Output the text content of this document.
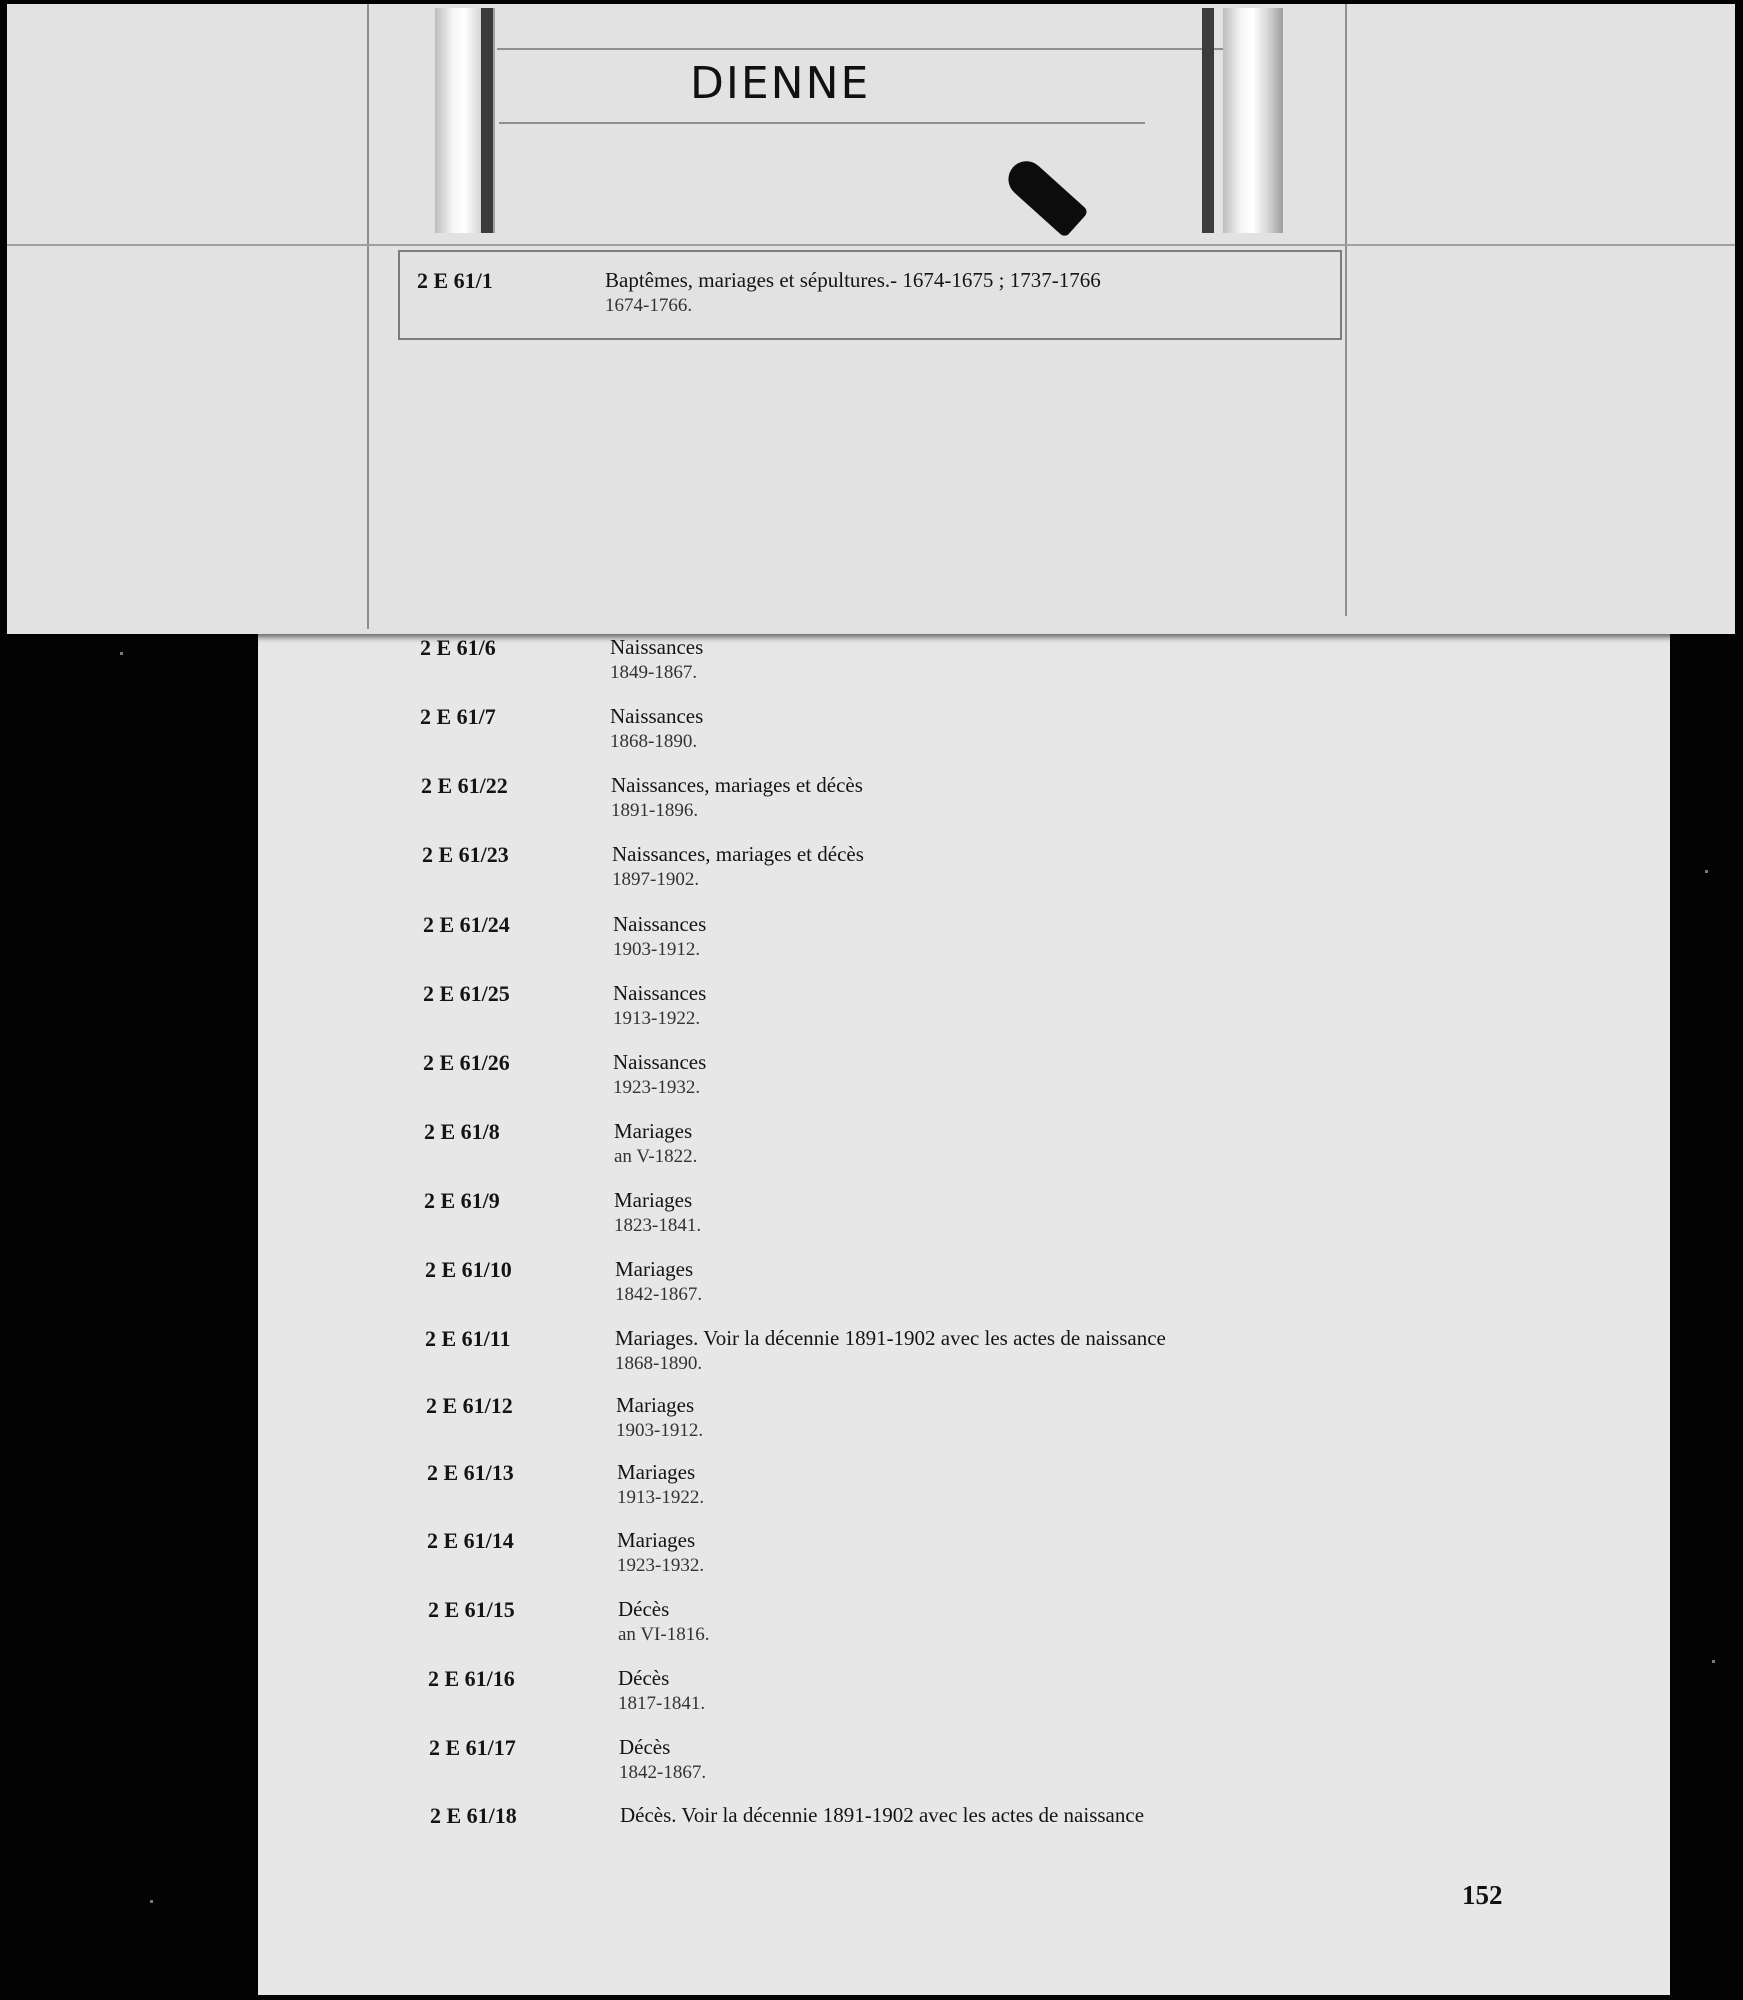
DIENNE
2 E 61/1	Baptêmes, mariages et sépultures.- 1674-1675 ; 1737-1766
1674-1766.
2 E 61/6	Naissances
1849-1867.
2 E 61/7	Naissances
1868-1890.
2 E 61/22	Naissances, mariages et décès
1891-1896.
2 E 61/23	Naissances, mariages et décès
1897-1902.
2 E 61/24	Naissances
1903-1912.
2 E 61/25	Naissances
1913-1922.
2 E 61/26	Naissances
1923-1932.
2 E 61/8	Mariages
an V-1822.
2 E 61/9	Mariages
1823-1841.
2 E 61/10	Mariages
1842-1867.
2 E 61/11	Mariages. Voir la décennie 1891-1902 avec les actes de naissance
1868-1890.
2 E 61/12	Mariages
1903-1912.
2 E 61/13	Mariages
1913-1922.
2 E 61/14	Mariages
1923-1932.
2 E 61/15	Décès
an VI-1816.
2 E 61/16	Décès
1817-1841.
2 E 61/17	Décès
1842-1867.
2 E 61/18	Décès. Voir la décennie 1891-1902 avec les actes de naissance
152
